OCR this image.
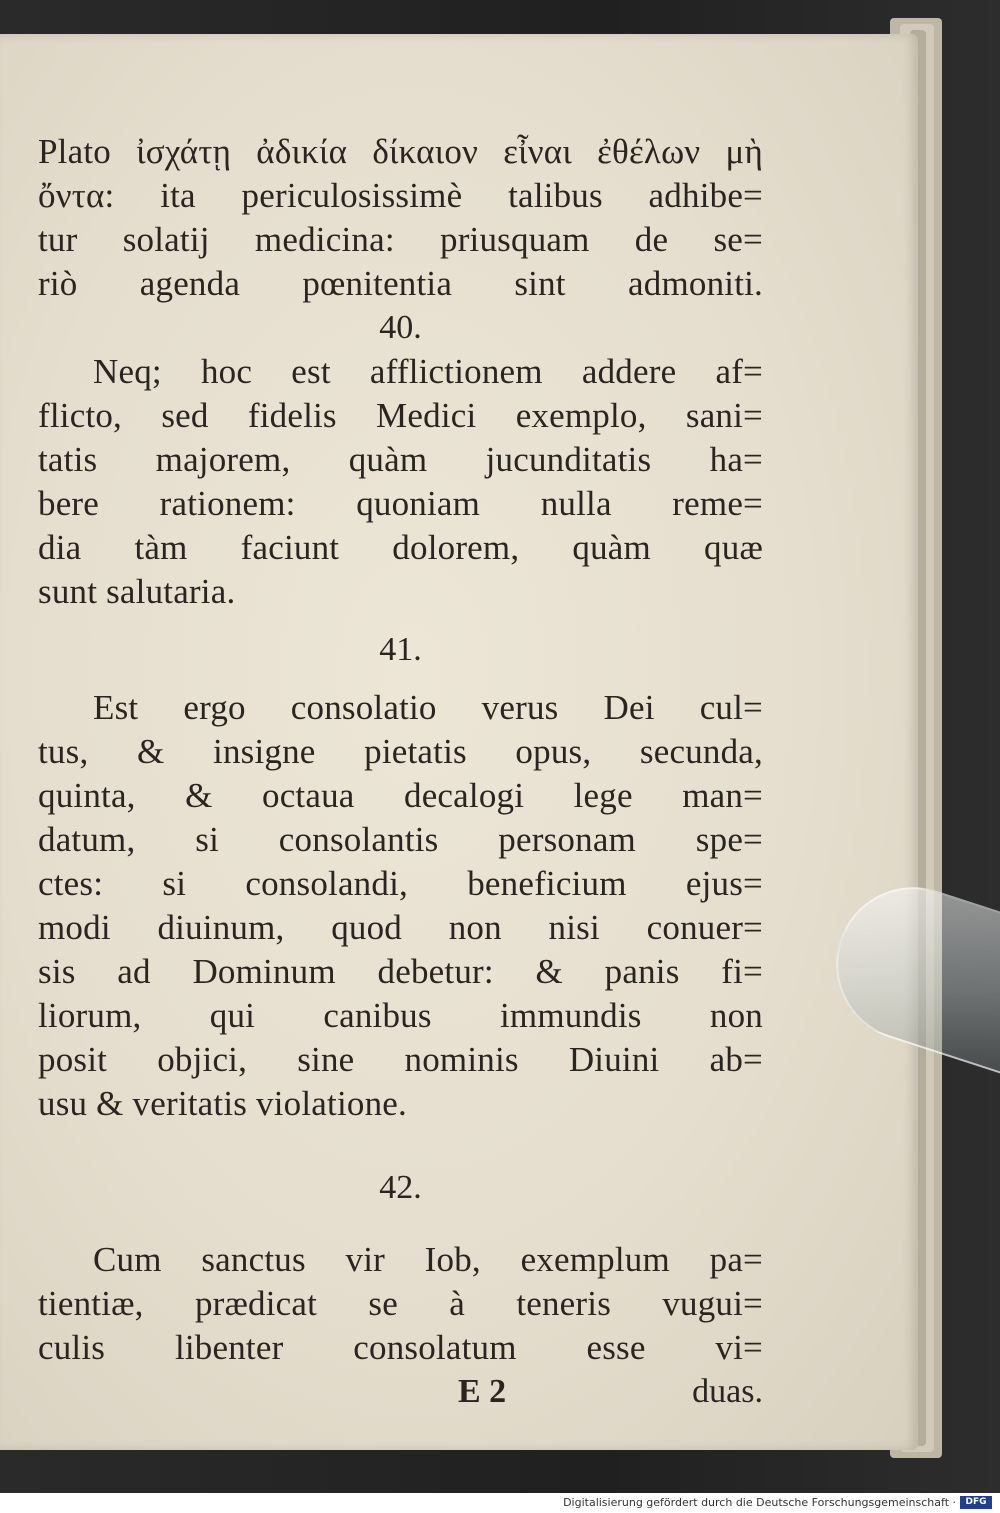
Plato ἰσχάτῃ ἀδικία δίκαιον εἶναι ἐθέλων μὴ
ὄντα: ita periculosissimè talibus adhibe=
tur solatij medicina: priusquam de se=
riò agenda pœnitentia sint admoniti.
40.
Neq; hoc est afflictionem addere af=
flicto, sed fidelis Medici exemplo, sani=
tatis majorem, quàm jucunditatis ha=
bere rationem: quoniam nulla reme=
dia tàm faciunt dolorem, quàm quæ
sunt salutaria.
41.
Est ergo consolatio verus Dei cul=
tus, & insigne pietatis opus, secunda,
quinta, & octaua decalogi lege man=
datum, si consolantis personam spe=
ctes: si consolandi, beneficium ejus=
modi diuinum, quod non nisi conuer=
sis ad Dominum debetur: & panis fi=
liorum, qui canibus immundis non
posit objici, sine nominis Diuini ab=
usu & veritatis violatione.
42.
Cum sanctus vir Iob, exemplum pa=
tientiæ, prædicat se à teneris vugui=
culis libenter consolatum esse vi=
E 2	duas.
Digitalisierung gefördert durch die Deutsche Forschungsgemeinschaft ·	DFG
